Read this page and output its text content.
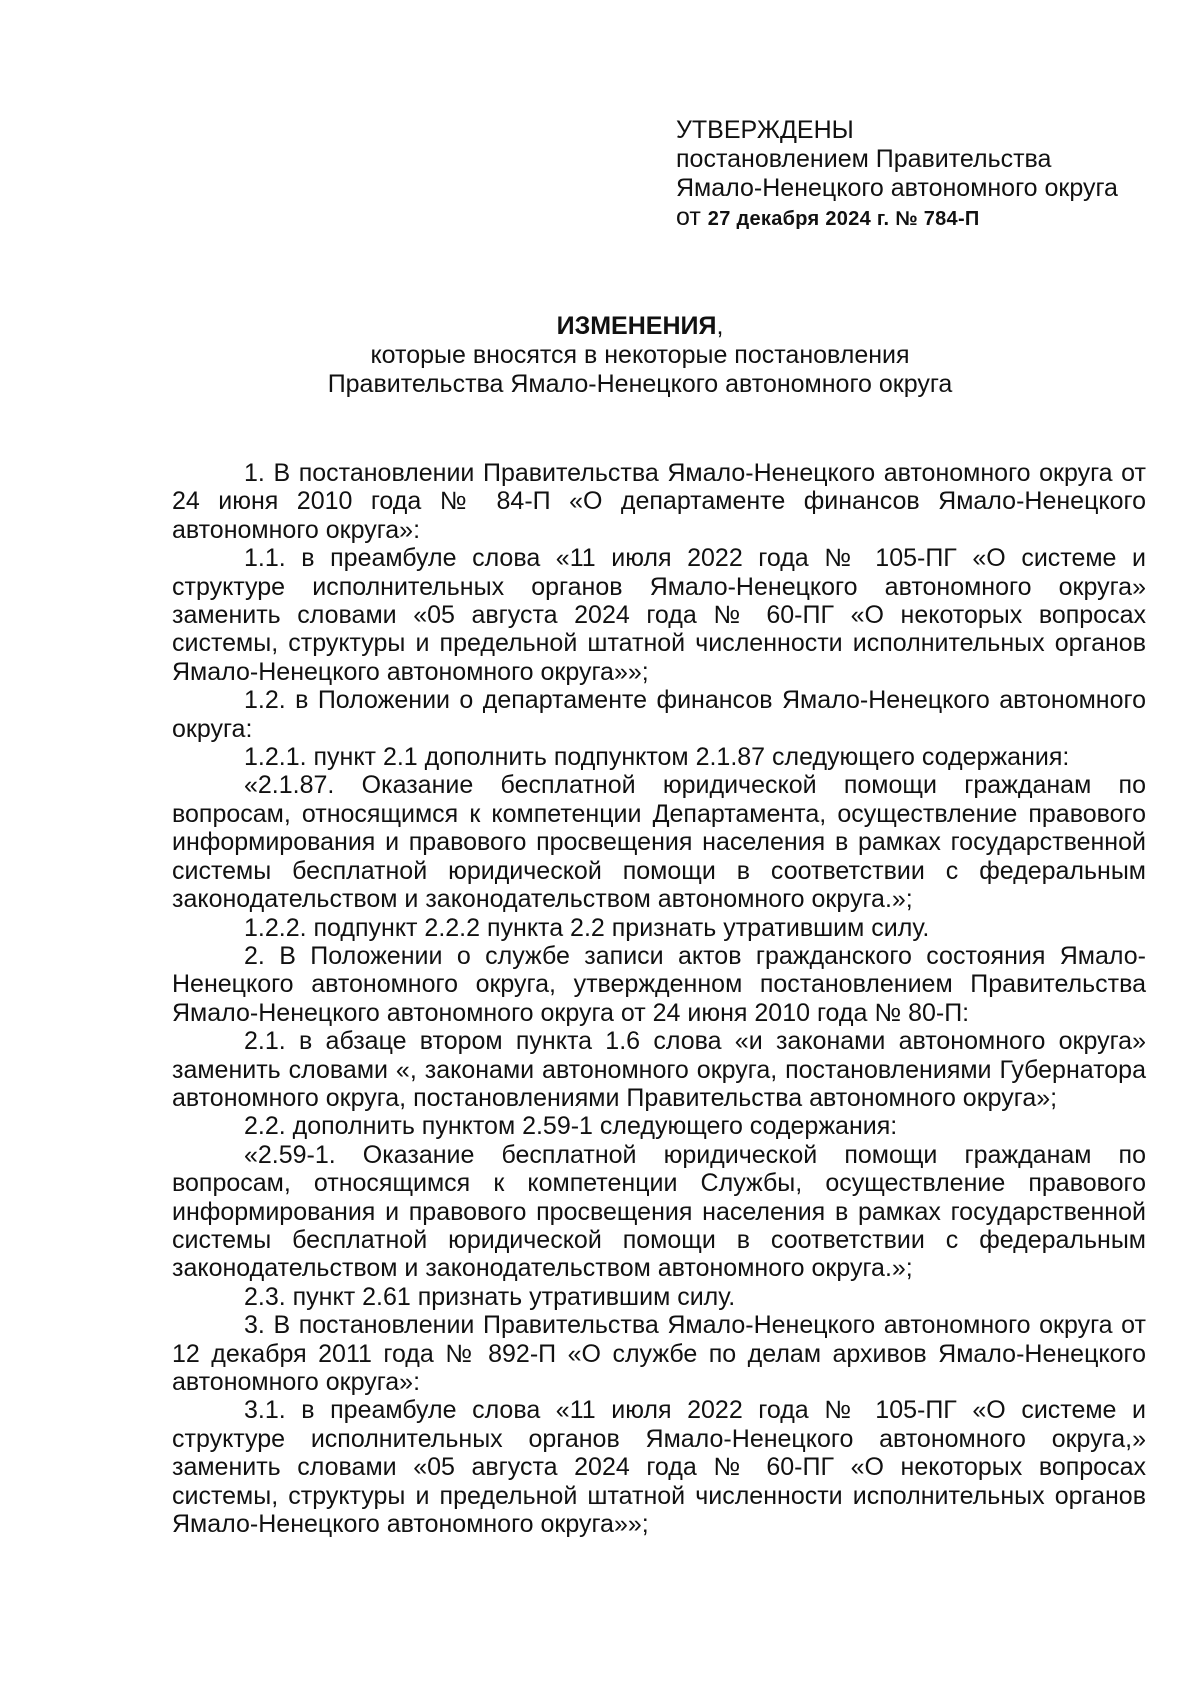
УТВЕРЖДЕНЫ

постановлением Правительства

Ямало-Ненецкого автономного округа

от 27 декабря 2024 г. № 784-П

ИЗМЕНЕНИЯ,
которые вносятся в некоторые постановления
Правительства Ямало-Ненецкого автономного округа

1. В постановлении Правительства Ямало-Ненецкого автономного округа от 24 июня 2010 года № 84-П «О департаменте финансов Ямало-Ненецкого автономного округа»:

1.1. в преамбуле слова «11 июля 2022 года № 105-ПГ «О системе и структуре исполнительных органов Ямало-Ненецкого автономного округа» заменить словами «05 августа 2024 года № 60-ПГ «О некоторых вопросах системы, структуры и предельной штатной численности исполнительных органов Ямало-Ненецкого автономного округа»»;

1.2. в Положении о департаменте финансов Ямало-Ненецкого автономного округа:

1.2.1. пункт 2.1 дополнить подпунктом 2.1.87 следующего содержания:

«2.1.87. Оказание бесплатной юридической помощи гражданам по вопросам, относящимся к компетенции Департамента, осуществление правового информирования и правового просвещения населения в рамках государственной системы бесплатной юридической помощи в соответствии с федеральным законодательством и законодательством автономного округа.»;

1.2.2. подпункт 2.2.2 пункта 2.2 признать утратившим силу.

2. В Положении о службе записи актов гражданского состояния Ямало-Ненецкого автономного округа, утвержденном постановлением Правительства Ямало-Ненецкого автономного округа от 24 июня 2010 года № 80-П:

2.1. в абзаце втором пункта 1.6 слова «и законами автономного округа» заменить словами «, законами автономного округа, постановлениями Губернатора автономного округа, постановлениями Правительства автономного округа»;

2.2. дополнить пунктом 2.59-1 следующего содержания:

«2.59-1. Оказание бесплатной юридической помощи гражданам по вопросам, относящимся к компетенции Службы, осуществление правового информирования и правового просвещения населения в рамках государственной системы бесплатной юридической помощи в соответствии с федеральным законодательством и законодательством автономного округа.»;

2.3. пункт 2.61 признать утратившим силу.

3. В постановлении Правительства Ямало-Ненецкого автономного округа от 12 декабря 2011 года № 892-П «О службе по делам архивов Ямало-Ненецкого автономного округа»:

3.1. в преамбуле слова «11 июля 2022 года № 105-ПГ «О системе и структуре исполнительных органов Ямало-Ненецкого автономного округа,» заменить словами «05 августа 2024 года № 60-ПГ «О некоторых вопросах системы, структуры и предельной штатной численности исполнительных органов Ямало-Ненецкого автономного округа»»;
